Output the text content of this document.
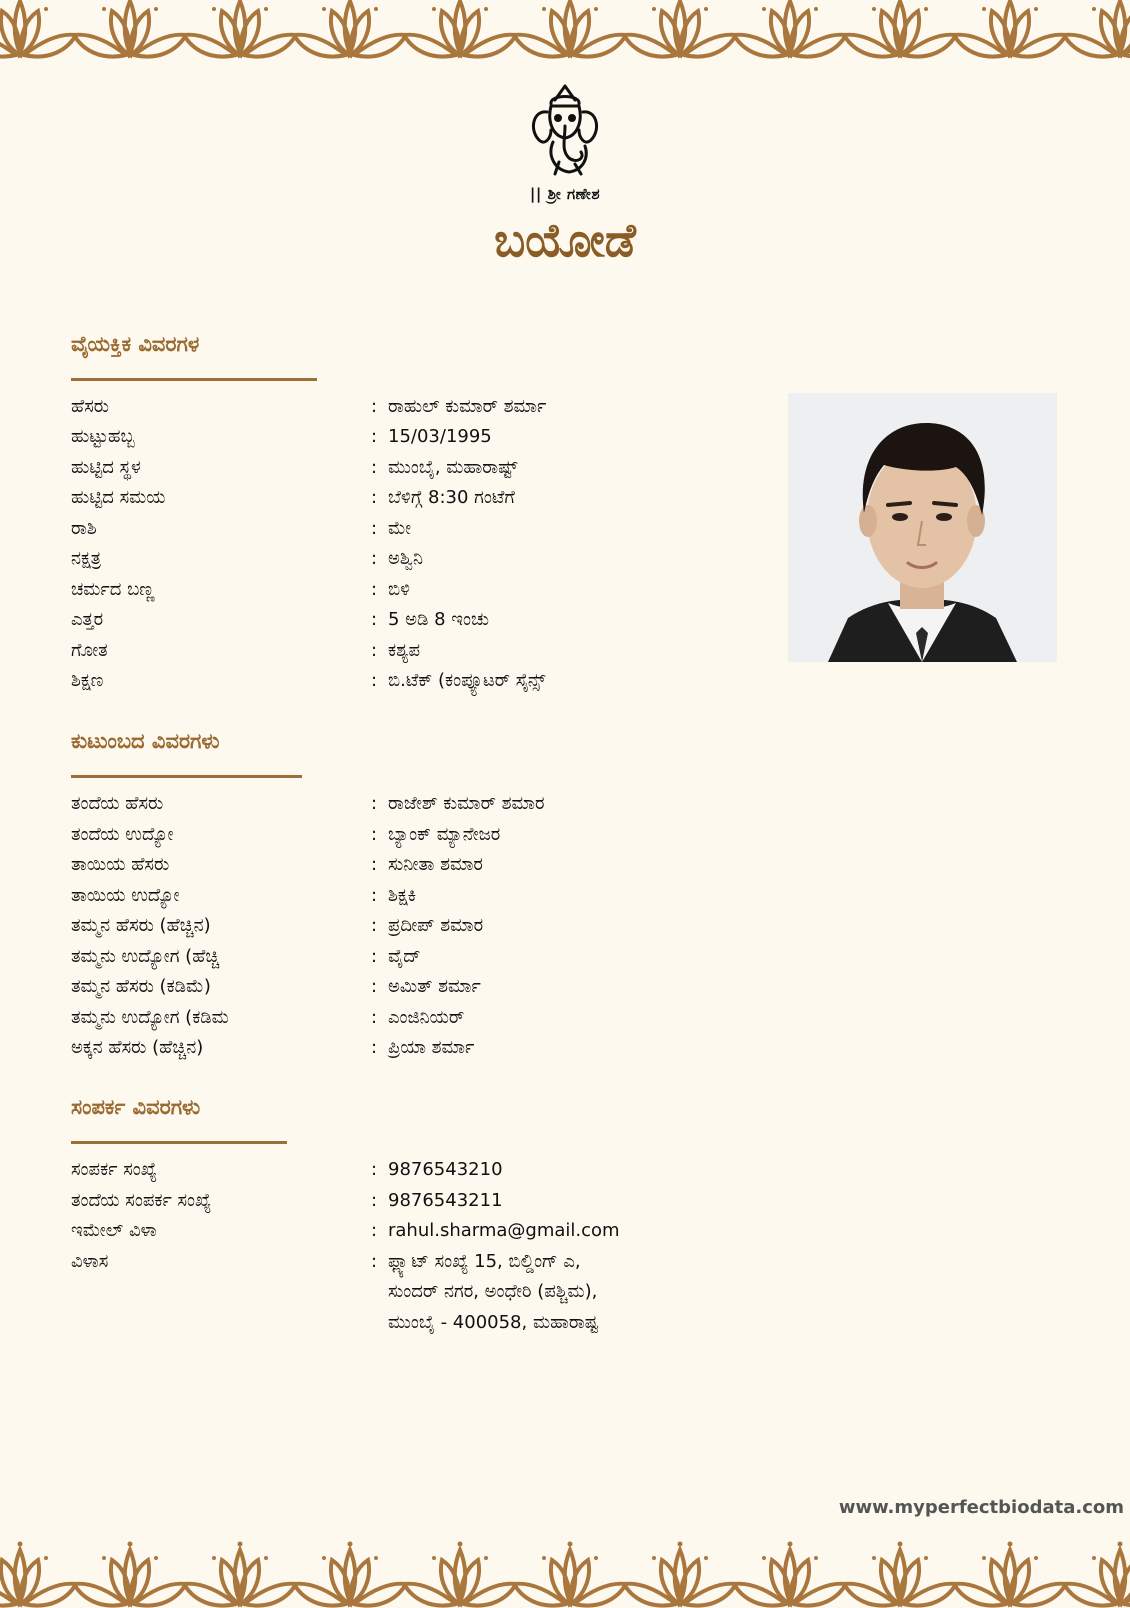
|| ಶ್ರೀ ಗಣೇಶ
ಬಯೋಡೆ
ವೈಯಕ್ತಿಕ ವಿವರಗಳ
ಹೆಸರು	: ರಾಹುಲ್ ಕುಮಾರ್ ಶರ್ಮಾ
ಹುಟ್ಟುಹಬ್ಬ	: 15/03/1995
ಹುಟ್ಟಿದ ಸ್ಥಳ	: ಮುಂಬೈ, ಮಹಾರಾಷ್ಟ್
ಹುಟ್ಟಿದ ಸಮಯ	: ಬೆಳಿಗ್ಗೆ 8:30 ಗಂಟೆಗೆ
ರಾಶಿ	: ಮೇ
ನಕ್ಷತ್ರ	: ಅಶ್ವಿನಿ
ಚರ್ಮದ ಬಣ್ಣ	: ಬಿಳಿ
ಎತ್ತರ	: 5 ಅಡಿ 8 ಇಂಚು
ಗೋತ	: ಕಶ್ಯಪ
ಶಿಕ್ಷಣ	: ಬಿ.ಟೆಕ್ (ಕಂಪ್ಯೂಟರ್ ಸೈನ್ಸ್
ಕುಟುಂಬದ ವಿವರಗಳು
ತಂದೆಯ ಹೆಸರು	: ರಾಜೇಶ್ ಕುಮಾರ್ ಶಮಾರ
ತಂದೆಯ ಉದ್ಯೋ	: ಬ್ಯಾಂಕ್ ಮ್ಯಾನೇಜರ
ತಾಯಿಯ ಹೆಸರು	: ಸುನೀತಾ ಶಮಾರ
ತಾಯಿಯ ಉದ್ಯೋ	: ಶಿಕ್ಷಕಿ
ತಮ್ಮನ ಹೆಸರು (ಹೆಚ್ಚಿನ)	: ಪ್ರದೀಪ್ ಶಮಾರ
ತಮ್ಮನು ಉದ್ಯೋಗ (ಹೆಚ್ಚಿ	: ವೈದ್
ತಮ್ಮನ ಹೆಸರು (ಕಡಿಮೆ)	: ಅಮಿತ್ ಶರ್ಮಾ
ತಮ್ಮನು ಉದ್ಯೋಗ (ಕಡಿಮ	: ಎಂಜಿನಿಯರ್
ಅಕ್ಕನ ಹೆಸರು (ಹೆಚ್ಚಿನ)	: ಪ್ರಿಯಾ ಶರ್ಮಾ
ಸಂಪರ್ಕ ವಿವರಗಳು
ಸಂಪರ್ಕ ಸಂಖ್ಯೆ	: 9876543210
ತಂದೆಯ ಸಂಪರ್ಕ ಸಂಖ್ಯೆ	: 9876543211
ಇಮೇಲ್ ವಿಳಾ	: rahul.sharma@gmail.com
ವಿಳಾಸ	: ಫ್ಲ್ಯಾಟ್ ಸಂಖ್ಯೆ 15, ಬಿಲ್ಡಿಂಗ್ ಎ,
ಸುಂದರ್ ನಗರ, ಅಂಧೇರಿ (ಪಶ್ಚಿಮ),
ಮುಂಬೈ - 400058, ಮಹಾರಾಷ್ಟ
www.myperfectbiodata.com
